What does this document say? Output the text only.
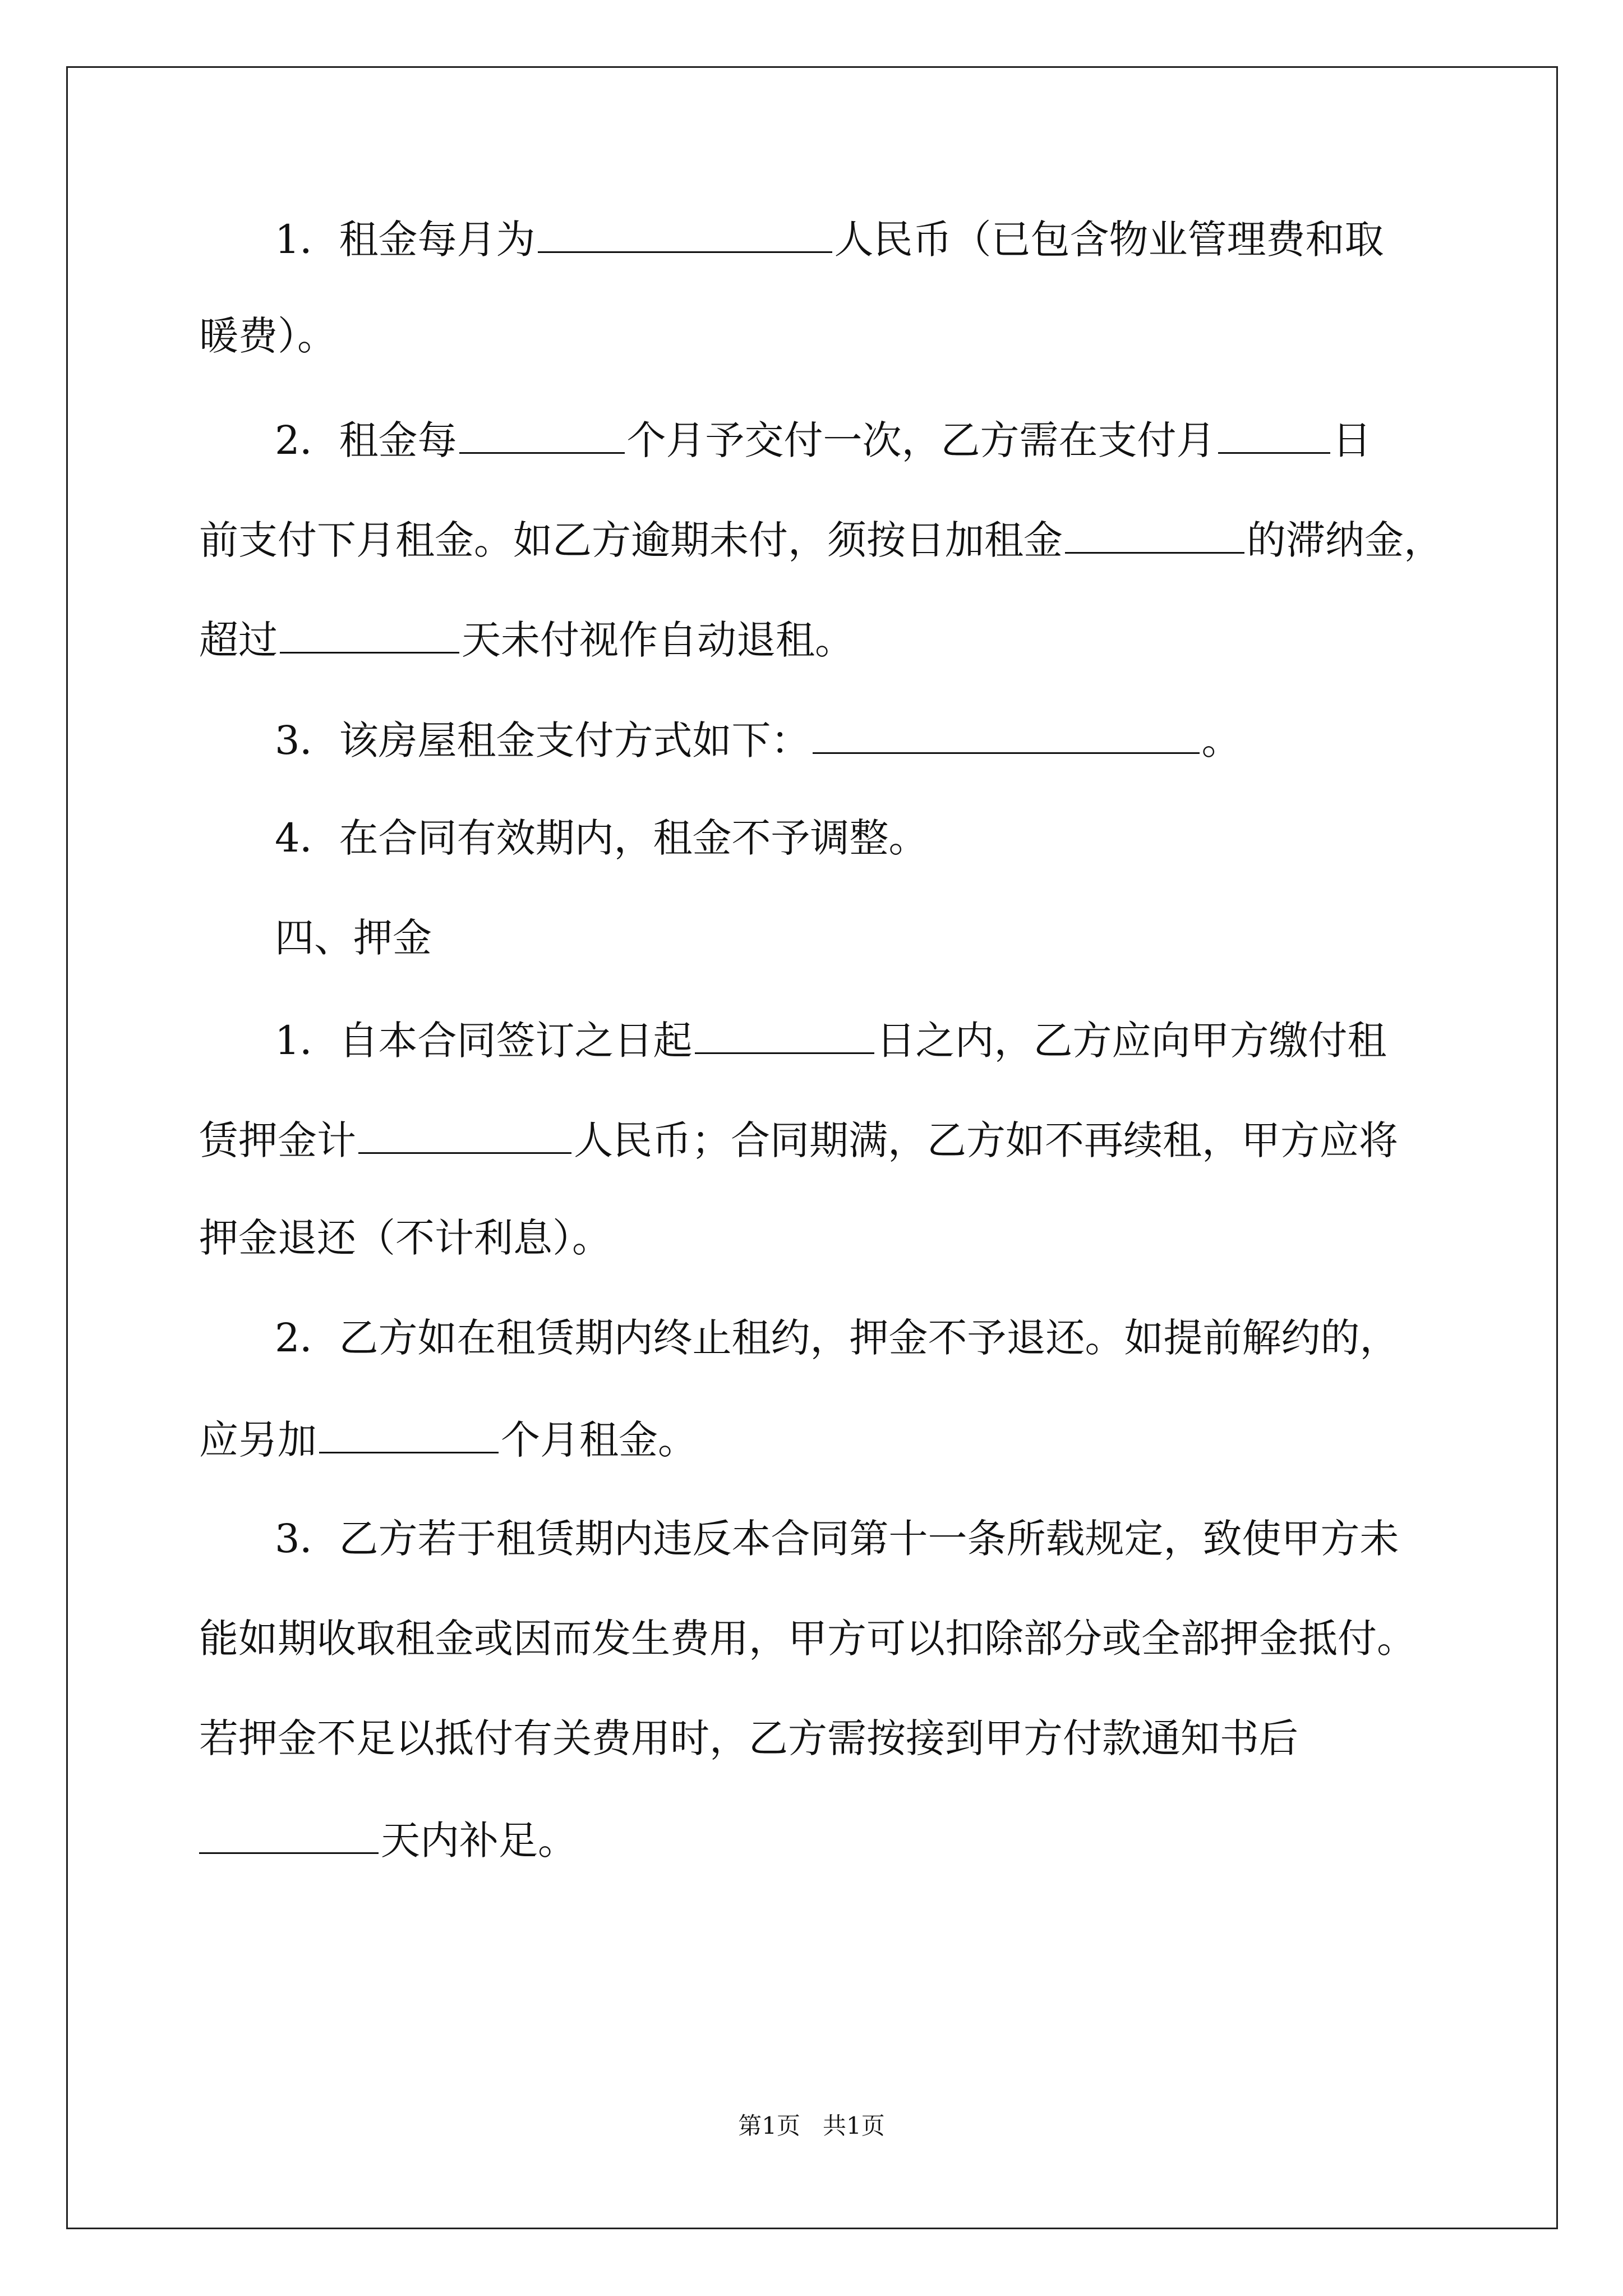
1．租金每月为	人民币（已包含物业管理费和取
暖费）。
2．租金每	个月予交付一次，乙方需在支付月	日
前支付下月租金。如乙方逾期未付，须按日加租金	的滞纳金，
超过	天未付视作自动退租。
3．该房屋租金支付方式如下：	。
4．在合同有效期内，租金不予调整。
四、押金
1．自本合同签订之日起	日之内，乙方应向甲方缴付租
赁押金计	人民币；合同期满，乙方如不再续租，甲方应将
押金退还（不计利息）。
2．乙方如在租赁期内终止租约，押金不予退还。如提前解约的，
应另加	个月租金。
3．乙方若于租赁期内违反本合同第十一条所载规定，致使甲方未
能如期收取租金或因而发生费用，甲方可以扣除部分或全部押金抵付。
若押金不足以抵付有关费用时，乙方需按接到甲方付款通知书后
天内补足。
第1页   共1页
